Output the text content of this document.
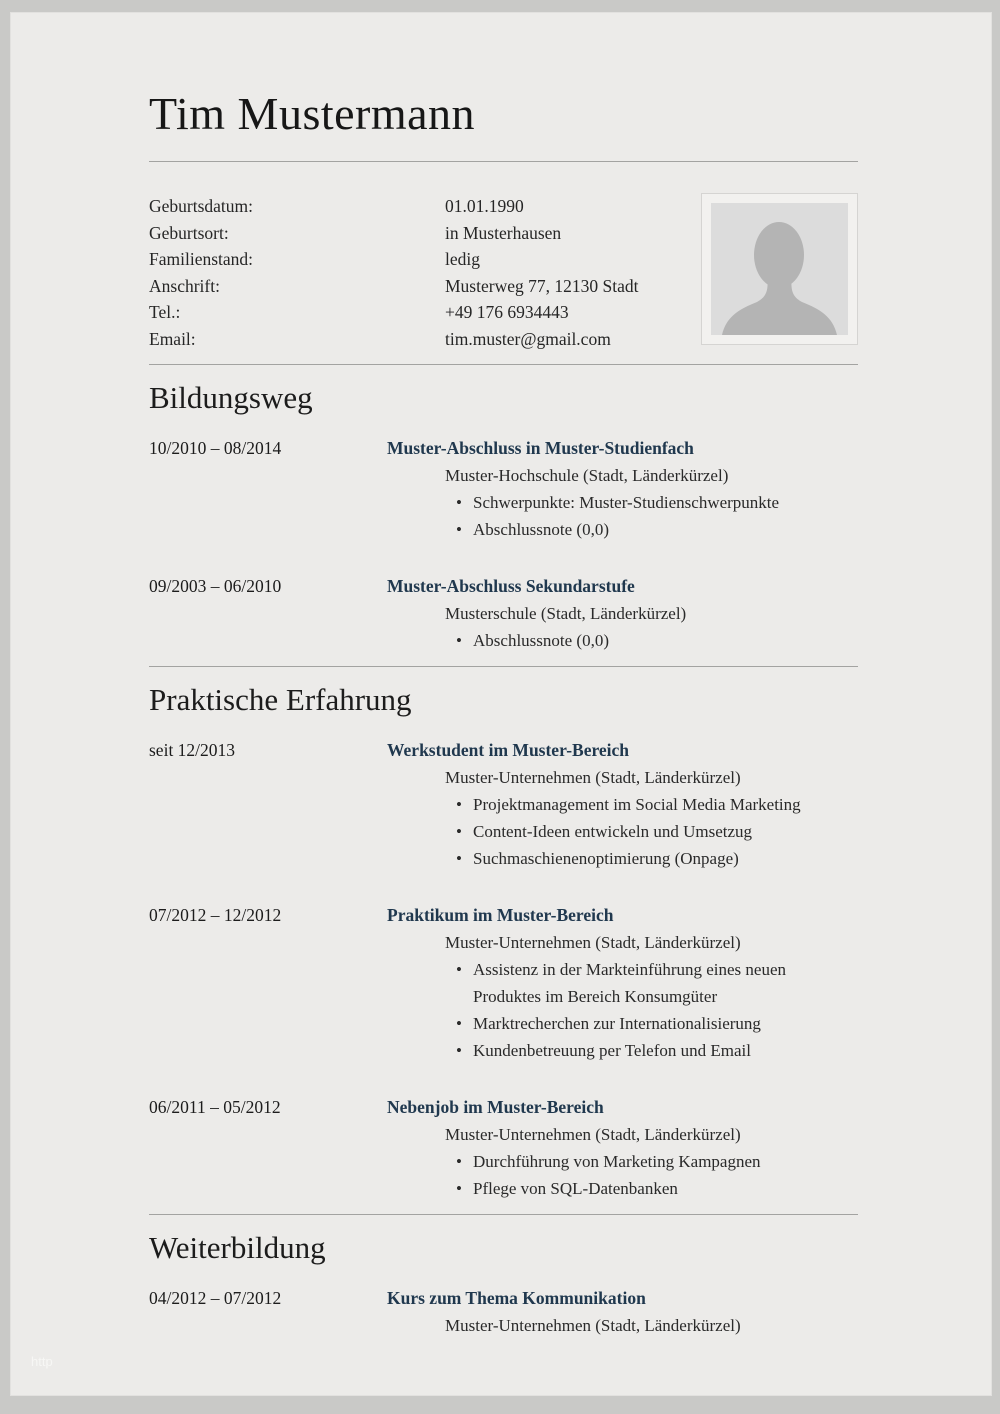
Tim Mustermann
Geburtsdatum:	01.01.1990
Geburtsort:	in Musterhausen
Familienstand:	ledig
Anschrift:	Musterweg 77, 12130 Stadt
Tel.:	+49 176 6934443
Email:	tim.muster@gmail.com
Bildungsweg
10/2010 – 08/2014	Muster-Abschluss in Muster-Studienfach
Muster-Hochschule (Stadt, Länderkürzel)
• Schwerpunkte: Muster-Studienschwerpunkte
• Abschlussnote (0,0)
09/2003 – 06/2010	Muster-Abschluss Sekundarstufe
Musterschule (Stadt, Länderkürzel)
• Abschlussnote (0,0)
Praktische Erfahrung
seit 12/2013	Werkstudent im Muster-Bereich
Muster-Unternehmen (Stadt, Länderkürzel)
• Projektmanagement im Social Media Marketing
• Content-Ideen entwickeln und Umsetzug
• Suchmaschienenoptimierung (Onpage)
07/2012 – 12/2012	Praktikum im Muster-Bereich
Muster-Unternehmen (Stadt, Länderkürzel)
• Assistenz in der Markteinführung eines neuen Produktes im Bereich Konsumgüter
• Marktrecherchen zur Internationalisierung
• Kundenbetreuung per Telefon und Email
06/2011 – 05/2012	Nebenjob im Muster-Bereich
Muster-Unternehmen (Stadt, Länderkürzel)
• Durchführung von Marketing Kampagnen
• Pflege von SQL-Datenbanken
Weiterbildung
04/2012 – 07/2012	Kurs zum Thema Kommunikation
Muster-Unternehmen (Stadt, Länderkürzel)
http
